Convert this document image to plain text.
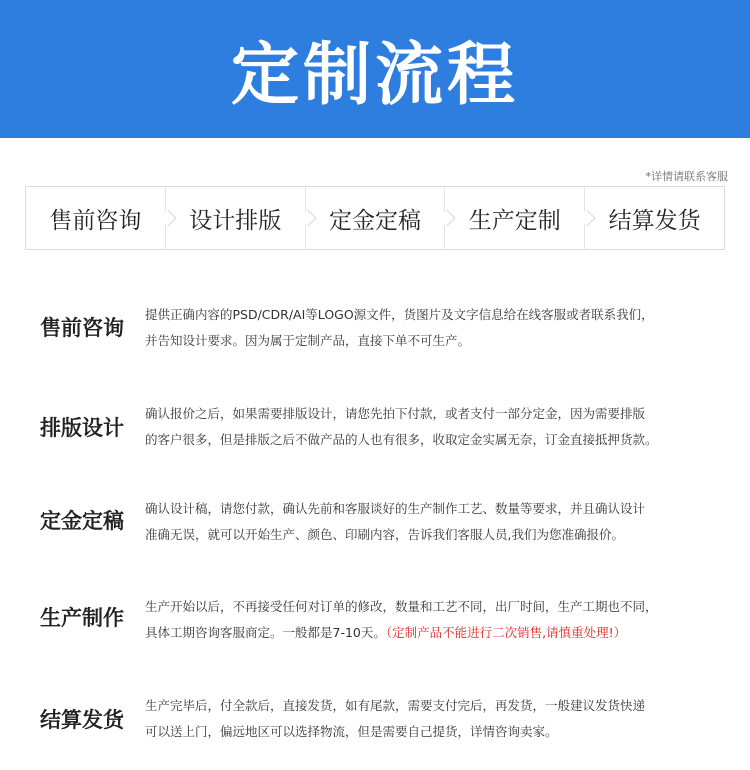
定制流程
*详情请联系客服
售前咨询 设计排版 定金定稿 生产定制 结算发货
售前咨询
提供正确内容的PSD/CDR/AI等LOGO源文件，货图片及文字信息给在线客服或者联系我们，
并告知设计要求。因为属于定制产品，直接下单不可生产。
排版设计
确认报价之后，如果需要排版设计，请您先拍下付款，或者支付一部分定金，因为需要排版
的客户很多，但是排版之后不做产品的人也有很多，收取定金实属无奈，订金直接抵押货款。
定金定稿
确认设计稿，请您付款，确认先前和客服谈好的生产制作工艺、数量等要求，并且确认设计
准确无误，就可以开始生产、颜色、印刷内容，告诉我们客服人员,我们为您准确报价。
生产制作 生产开始以后，不再接受任何对订单的修改，数量和工艺不同，出厂时间，生产工期也不同，
具体工期咨询客服商定。一般都是7-10天。（定制产品不能进行二次销售,请慎重处理!）
结算发货
生产完毕后，付全款后，直接发货，如有尾款，需要支付完后，再发货，一般建议发货快递
可以送上门，偏远地区可以选择物流，但是需要自己提货，详情咨询卖家。
